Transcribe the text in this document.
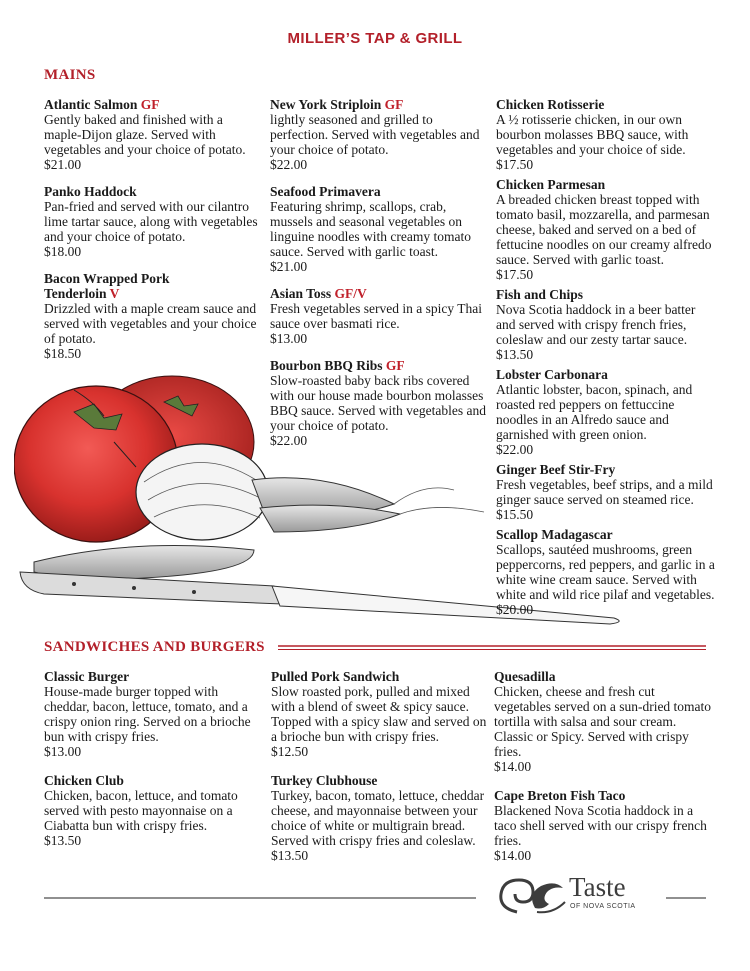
MILLER’S TAP & GRILL
MAINS
SANDWICHES AND BURGERS
Atlantic Salmon GF
Gently baked and finished with a maple-Dijon glaze. Served with vegetables and your choice of potato.
$21.00
Panko Haddock
Pan-fried and served with our cilantro lime tartar sauce, along with vegetables and your choice of potato.
$18.00
Bacon Wrapped Pork Tenderloin V
Drizzled with a maple cream sauce and served with vegetables and your choice of potato.
$18.50
New York Striploin GF
lightly seasoned and grilled to perfection. Served with vegetables and your choice of potato.
$22.00
Seafood Primavera
Featuring shrimp, scallops, crab, mussels and seasonal vegetables on linguine noodles with creamy tomato sauce. Served with garlic toast.
$21.00
Asian Toss GF/V
Fresh vegetables served in a spicy Thai sauce over basmati rice.
$13.00
Bourbon BBQ Ribs GF
Slow-roasted baby back ribs covered with our house made bourbon molasses BBQ sauce. Served with vegetables and your choice of potato.
$22.00
Chicken Rotisserie
A ½ rotisserie chicken, in our own bourbon molasses BBQ sauce, with vegetables and your choice of side.
$17.50
Chicken Parmesan
A breaded chicken breast topped with tomato basil, mozzarella, and parmesan cheese, baked and served on a bed of fettucine noodles on our creamy alfredo sauce. Served with garlic toast.
$17.50
Fish and Chips
Nova Scotia haddock in a beer batter and served with crispy french fries, coleslaw and our zesty tartar sauce.
$13.50
Lobster Carbonara
Atlantic lobster, bacon, spinach, and roasted red peppers on fettuccine noodles in an Alfredo sauce and garnished with green onion.
$22.00
Ginger Beef Stir-Fry
Fresh vegetables, beef strips, and a mild ginger sauce served on steamed rice.
$15.50
Scallop Madagascar
Scallops, sautéed mushrooms, green peppercorns, red peppers, and garlic in a white wine cream sauce. Served with white and wild rice pilaf and vegetables.
$20.00
Classic Burger
House-made burger topped with cheddar, bacon, lettuce, tomato, and a crispy onion ring. Served on a brioche bun with crispy fries.
$13.00
Chicken Club
Chicken, bacon, lettuce, and tomato served with pesto mayonnaise on a Ciabatta bun with crispy fries.
$13.50
Pulled Pork Sandwich
Slow roasted pork, pulled and mixed with a blend of sweet & spicy sauce. Topped with a spicy slaw and served on a brioche bun with crispy fries.
$12.50
Turkey Clubhouse
Turkey, bacon, tomato, lettuce, cheddar cheese, and mayonnaise between your choice of white or multigrain bread. Served with crispy fries and coleslaw.
$13.50
Quesadilla
Chicken, cheese and fresh cut vegetables served on a sun-dried tomato tortilla with salsa and sour cream. Classic or Spicy. Served with crispy fries.
$14.00
Cape Breton Fish Taco
Blackened Nova Scotia haddock in a taco shell served with our crispy french fries.
$14.00
Taste
OF NOVA SCOTIA
